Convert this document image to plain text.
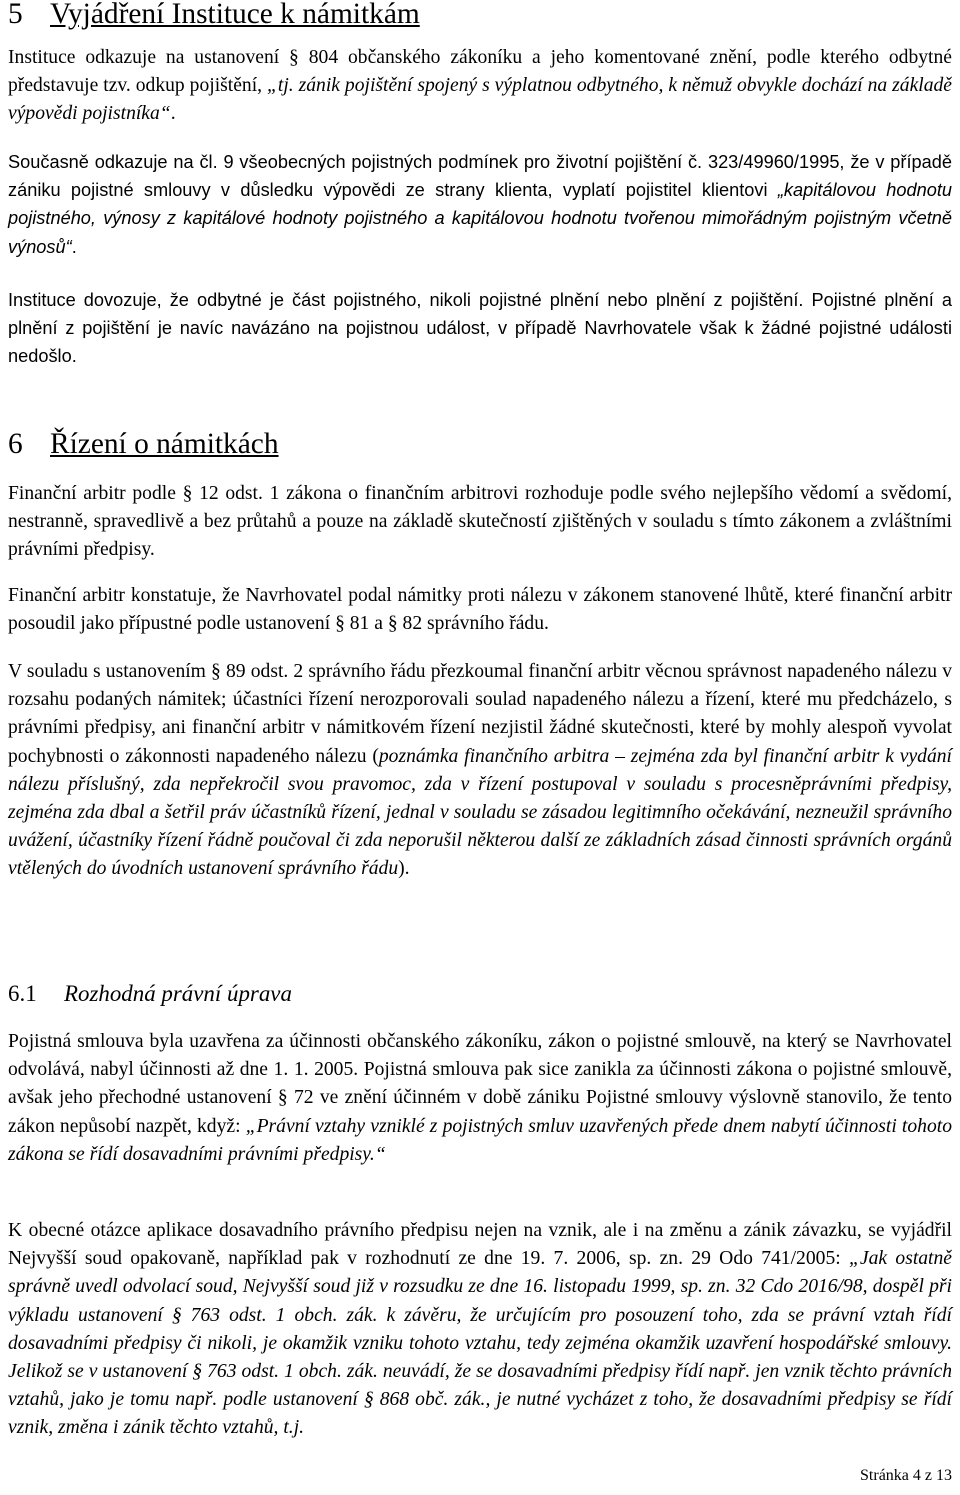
5 Vyjádření Instituce k námitkám

Instituce odkazuje na ustanovení § 804 občanského zákoníku a jeho komentované znění, podle kterého odbytné představuje tzv. odkup pojištění, „tj. zánik pojištění spojený s výplatnou odbytného, k němuž obvykle dochází na základě výpovědi pojistníka“.

Současně odkazuje na čl. 9 všeobecných pojistných podmínek pro životní pojištění č. 323/49960/1995, že v případě zániku pojistné smlouvy v důsledku výpovědi ze strany klienta, vyplatí pojistitel klientovi „kapitálovou hodnotu pojistného, výnosy z kapitálové hodnoty pojistného a kapitálovou hodnotu tvořenou mimořádným pojistným včetně výnosů“.

Instituce dovozuje, že odbytné je část pojistného, nikoli pojistné plnění nebo plnění z pojištění. Pojistné plnění a plnění z pojištění je navíc navázáno na pojistnou událost, v případě Navrhovatele však k žádné pojistné události nedošlo.

6 Řízení o námitkách

Finanční arbitr podle § 12 odst. 1 zákona o finančním arbitrovi rozhoduje podle svého nejlepšího vědomí a svědomí, nestranně, spravedlivě a bez průtahů a pouze na základě skutečností zjištěných v souladu s tímto zákonem a zvláštními právními předpisy.

Finanční arbitr konstatuje, že Navrhovatel podal námitky proti nálezu v zákonem stanovené lhůtě, které finanční arbitr posoudil jako přípustné podle ustanovení § 81 a § 82 správního řádu.

V souladu s ustanovením § 89 odst. 2 správního řádu přezkoumal finanční arbitr věcnou správnost napadeného nálezu v rozsahu podaných námitek; účastníci řízení nerozporovali soulad napadeného nálezu a řízení, které mu předcházelo, s právními předpisy, ani finanční arbitr v námitkovém řízení nezjistil žádné skutečnosti, které by mohly alespoň vyvolat pochybnosti o zákonnosti napadeného nálezu (poznámka finančního arbitra – zejména zda byl finanční arbitr k vydání nálezu příslušný, zda nepřekročil svou pravomoc, zda v řízení postupoval v souladu s procesněprávními předpisy, zejména zda dbal a šetřil práv účastníků řízení, jednal v souladu se zásadou legitimního očekávání, nezneužil správního uvážení, účastníky řízení řádně poučoval či zda neporušil některou další ze základních zásad činnosti správních orgánů vtělených do úvodních ustanovení správního řádu).

6.1	Rozhodná právní úprava

Pojistná smlouva byla uzavřena za účinnosti občanského zákoníku, zákon o pojistné smlouvě, na který se Navrhovatel odvolává, nabyl účinnosti až dne 1. 1. 2005. Pojistná smlouva pak sice zanikla za účinnosti zákona o pojistné smlouvě, avšak jeho přechodné ustanovení § 72 ve znění účinném v době zániku Pojistné smlouvy výslovně stanovilo, že tento zákon nepůsobí nazpět, když: „Právní vztahy vzniklé z pojistných smluv uzavřených přede dnem nabytí účinnosti tohoto zákona se řídí dosavadními právními předpisy.“

K obecné otázce aplikace dosavadního právního předpisu nejen na vznik, ale i na změnu a zánik závazku, se vyjádřil Nejvyšší soud opakovaně, například pak v rozhodnutí ze dne 19. 7. 2006, sp. zn. 29 Odo 741/2005: „Jak ostatně správně uvedl odvolací soud, Nejvyšší soud již v rozsudku ze dne 16. listopadu 1999, sp. zn. 32 Cdo 2016/98, dospěl při výkladu ustanovení § 763 odst. 1 obch. zák. k závěru, že určujícím pro posouzení toho, zda se právní vztah řídí dosavadními předpisy či nikoli, je okamžik vzniku tohoto vztahu, tedy zejména okamžik uzavření hospodářské smlouvy. Jelikož se v ustanovení § 763 odst. 1 obch. zák. neuvádí, že se dosavadními předpisy řídí např. jen vznik těchto právních vztahů, jako je tomu např. podle ustanovení § 868 obč. zák., je nutné vycházet z toho, že dosavadními předpisy se řídí vznik, změna i zánik těchto vztahů, t.j.

Stránka 4 z 13
